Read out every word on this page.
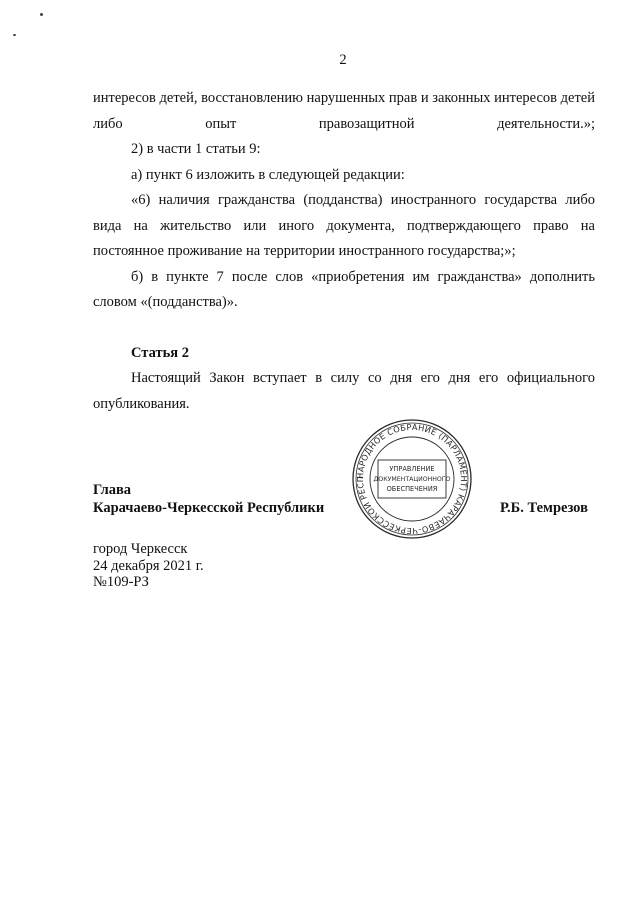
2

интересов детей, восстановлению нарушенных прав и законных интересов детей либо опыт правозащитной деятельности.»;

2) в части 1 статьи 9:

а) пункт 6 изложить в следующей редакции:

«6) наличия гражданства (подданства) иностранного государства либо вида на жительство или иного документа, подтверждающего право на постоянное проживание на территории иностранного государства;»;

б) в пункте 7 после слов «приобретения им гражданства» дополнить словом «(подданства)».

Статья 2

Настоящий Закон вступает в силу со дня его дня его официального опубликования.

НАРОДНОЕ СОБРАНИЕ (ПАРЛАМЕНТ) КАРАЧАЕВО-ЧЕРКЕССКОЙ РЕСП
УПРАВЛЕНИЕ
ДОКУМЕНТАЦИОННОГО
ОБЕСПЕЧЕНИЯ
Глава
Карачаево-Черкесской Республики	Р.Б. Темрезов
город Черкесск
24 декабря 2021 г.
№109-РЗ
